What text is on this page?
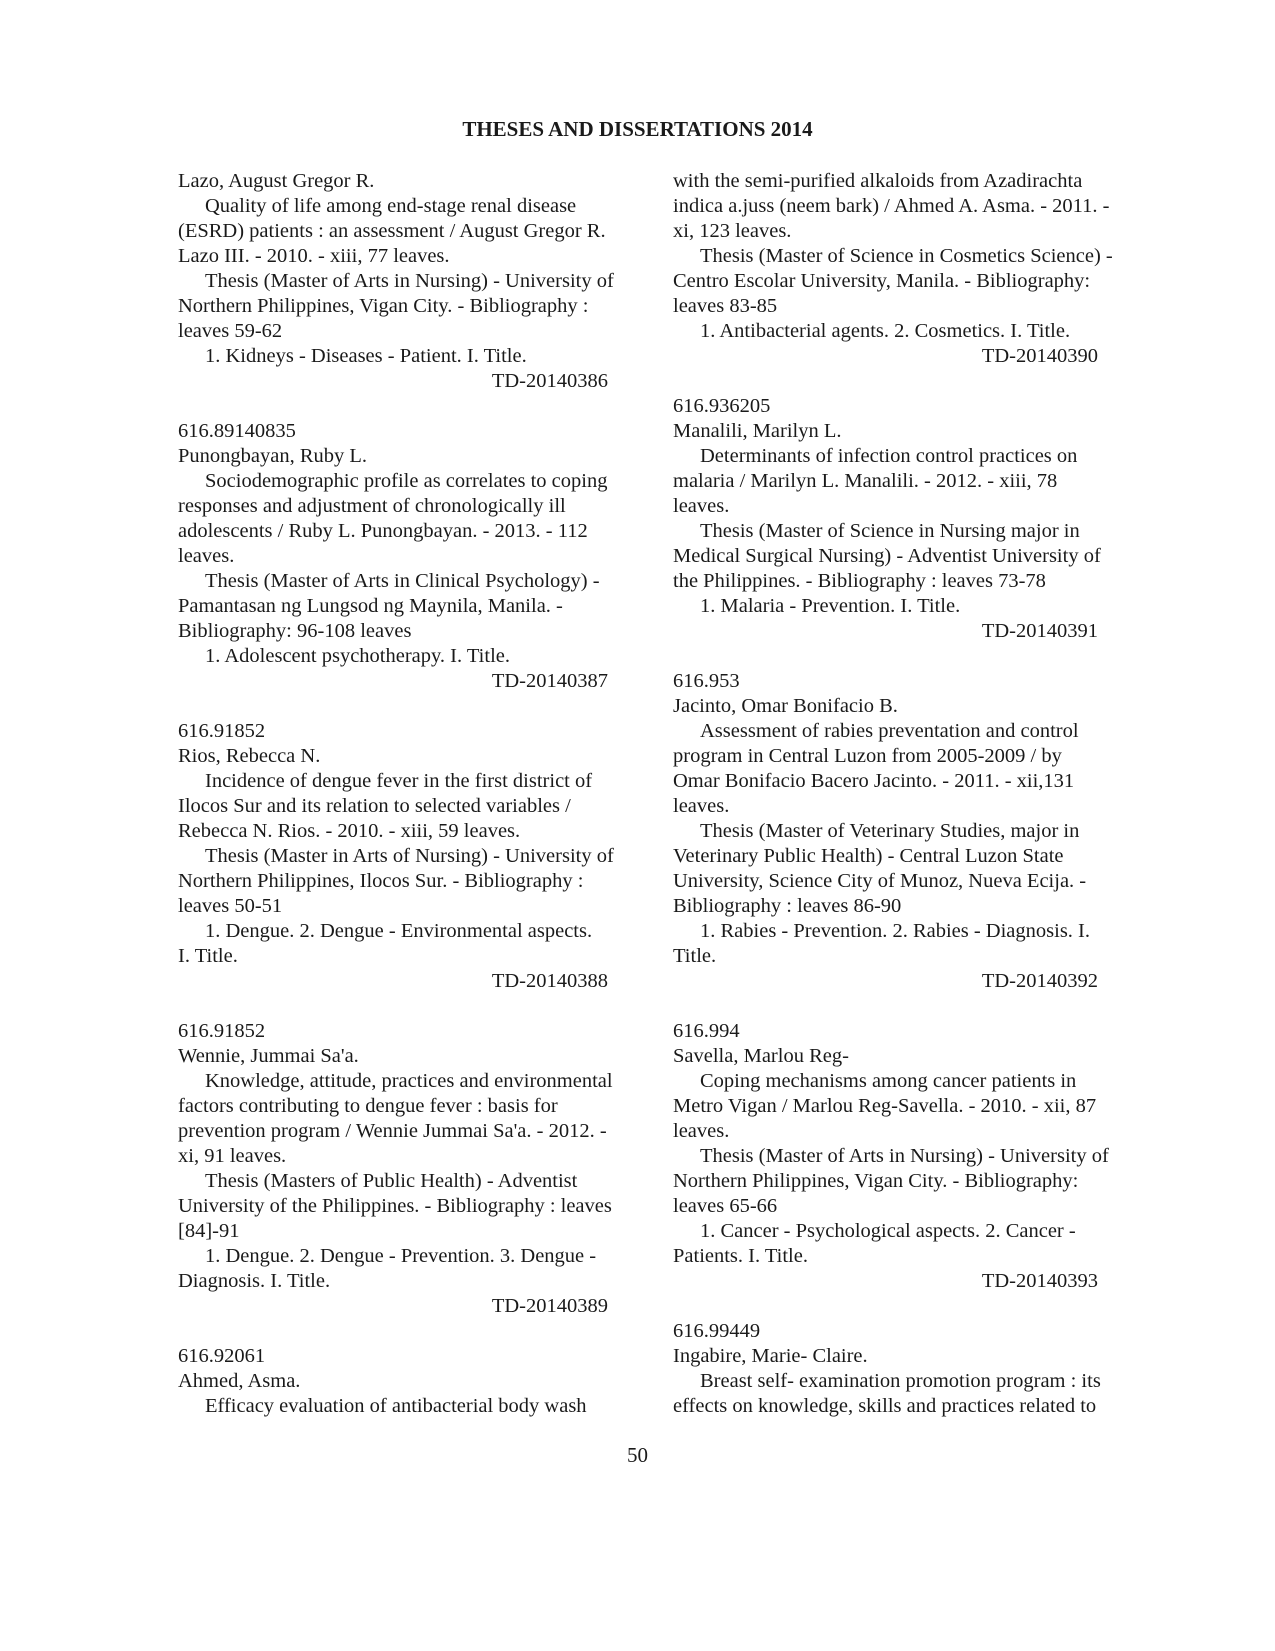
THESES AND DISSERTATIONS 2014
Lazo, August Gregor R.
Quality of life among end-stage renal disease
(ESRD) patients : an assessment / August Gregor R.
Lazo III. - 2010. - xiii, 77 leaves.
Thesis (Master of Arts in Nursing) - University of
Northern Philippines, Vigan City. - Bibliography :
leaves 59-62
1. Kidneys - Diseases - Patient. I. Title.
TD-20140386
616.89140835
Punongbayan, Ruby L.
Sociodemographic profile as correlates to coping
responses and adjustment of chronologically ill
adolescents / Ruby L. Punongbayan. - 2013. - 112
leaves.
Thesis (Master of Arts in Clinical Psychology) -
Pamantasan ng Lungsod ng Maynila, Manila. -
Bibliography: 96-108 leaves
1. Adolescent psychotherapy. I. Title.
TD-20140387
616.91852
Rios, Rebecca N.
Incidence of dengue fever in the first district of
Ilocos Sur and its relation to selected variables /
Rebecca N. Rios. - 2010. - xiii, 59 leaves.
Thesis (Master in Arts of Nursing) - University of
Northern Philippines, Ilocos Sur. - Bibliography :
leaves 50-51
1. Dengue. 2. Dengue - Environmental aspects.
I. Title.
TD-20140388
616.91852
Wennie, Jummai Sa'a.
Knowledge, attitude, practices and environmental
factors contributing to dengue fever : basis for
prevention program / Wennie Jummai Sa'a. - 2012. -
xi, 91 leaves.
Thesis (Masters of Public Health) - Adventist
University of the Philippines. - Bibliography : leaves
[84]-91
1. Dengue. 2. Dengue - Prevention. 3. Dengue -
Diagnosis. I. Title.
TD-20140389
616.92061
Ahmed, Asma.
Efficacy evaluation of antibacterial body wash
with the semi-purified alkaloids from Azadirachta
indica a.juss (neem bark) / Ahmed A. Asma. - 2011. -
xi, 123 leaves.
Thesis (Master of Science in Cosmetics Science) -
Centro Escolar University, Manila. - Bibliography:
leaves 83-85
1. Antibacterial agents. 2. Cosmetics. I. Title.
TD-20140390
616.936205
Manalili, Marilyn L.
Determinants of infection control practices on
malaria / Marilyn L. Manalili. - 2012. - xiii, 78
leaves.
Thesis (Master of Science in Nursing major in
Medical Surgical Nursing) - Adventist University of
the Philippines. - Bibliography : leaves 73-78
1. Malaria - Prevention. I. Title.
TD-20140391
616.953
Jacinto, Omar Bonifacio B.
Assessment of rabies preventation and control
program in Central Luzon from 2005-2009 / by
Omar Bonifacio Bacero Jacinto. - 2011. - xii,131
leaves.
Thesis (Master of Veterinary Studies, major in
Veterinary Public Health) - Central Luzon State
University, Science City of Munoz, Nueva Ecija. -
Bibliography : leaves 86-90
1. Rabies - Prevention. 2. Rabies - Diagnosis. I.
Title.
TD-20140392
616.994
Savella, Marlou Reg-
Coping mechanisms among cancer patients in
Metro Vigan / Marlou Reg-Savella. - 2010. - xii, 87
leaves.
Thesis (Master of Arts in Nursing) - University of
Northern Philippines, Vigan City. - Bibliography:
leaves 65-66
1. Cancer - Psychological aspects. 2. Cancer -
Patients. I. Title.
TD-20140393
616.99449
Ingabire, Marie- Claire.
Breast self- examination promotion program : its
effects on knowledge, skills and practices related to
50
